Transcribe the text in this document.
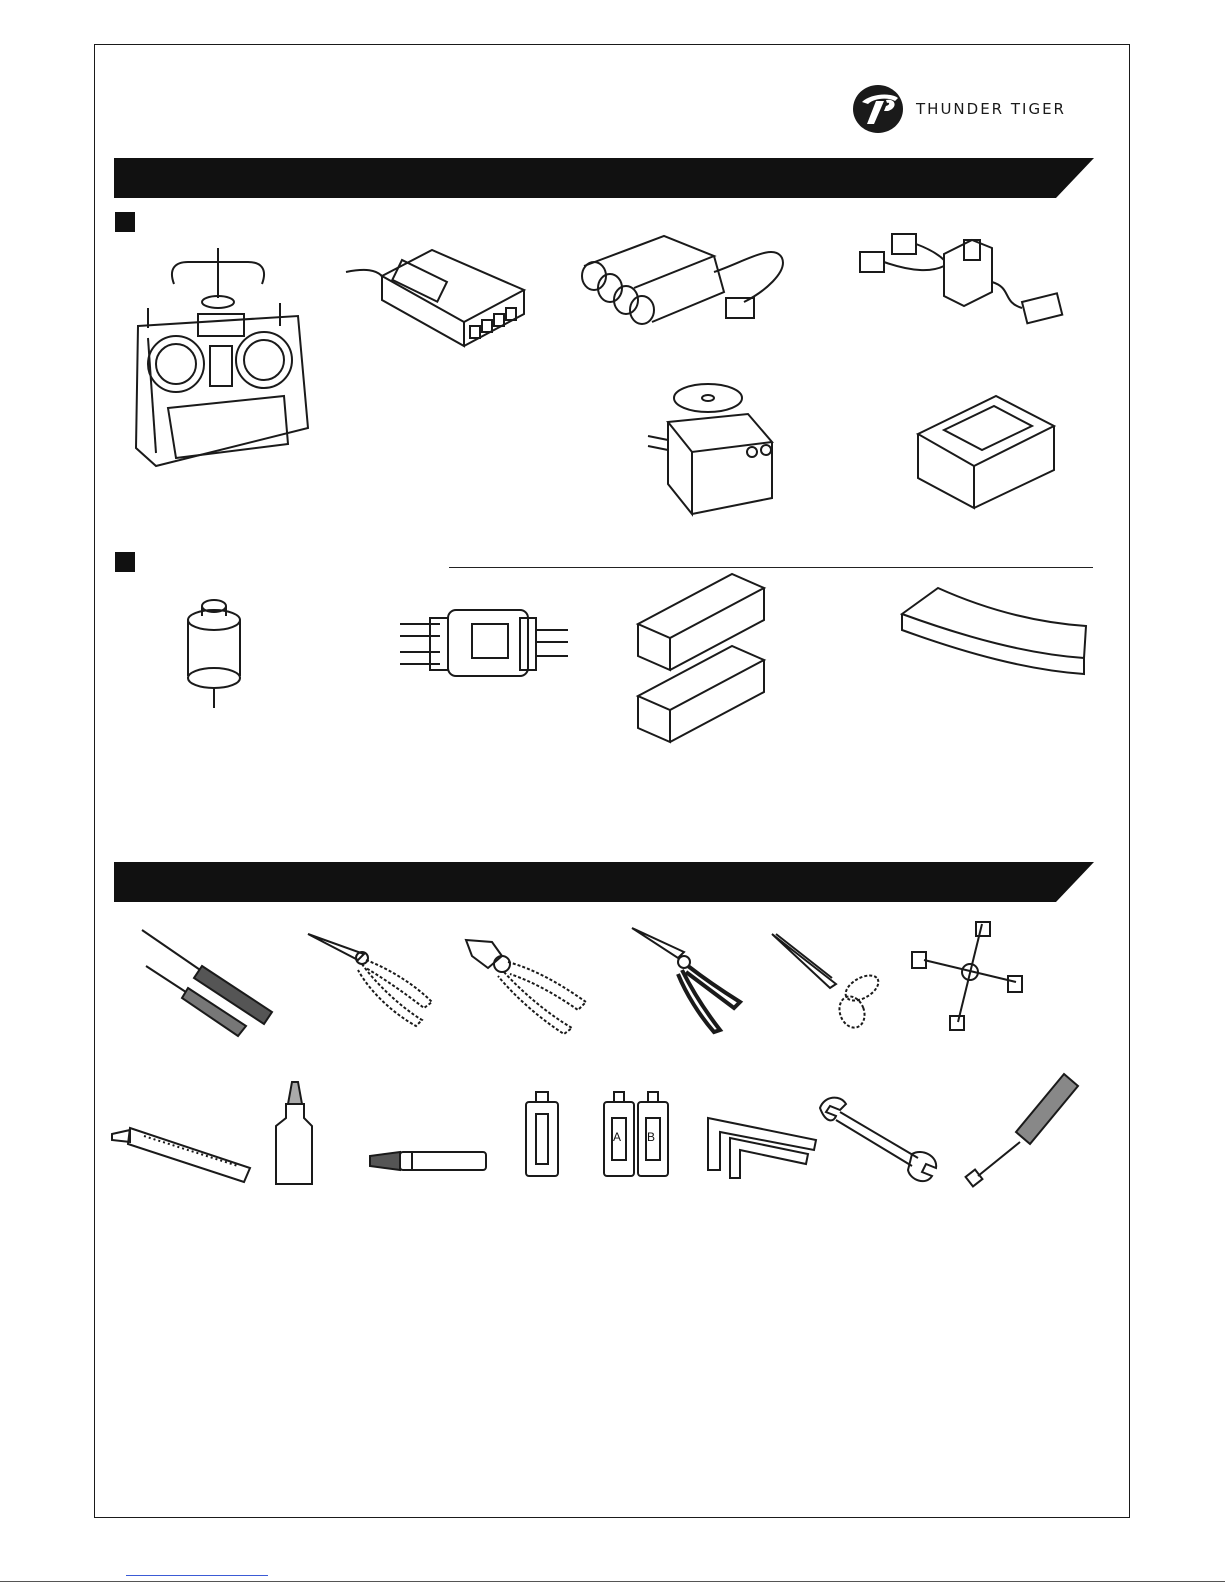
THUNDER TIGER
A B
